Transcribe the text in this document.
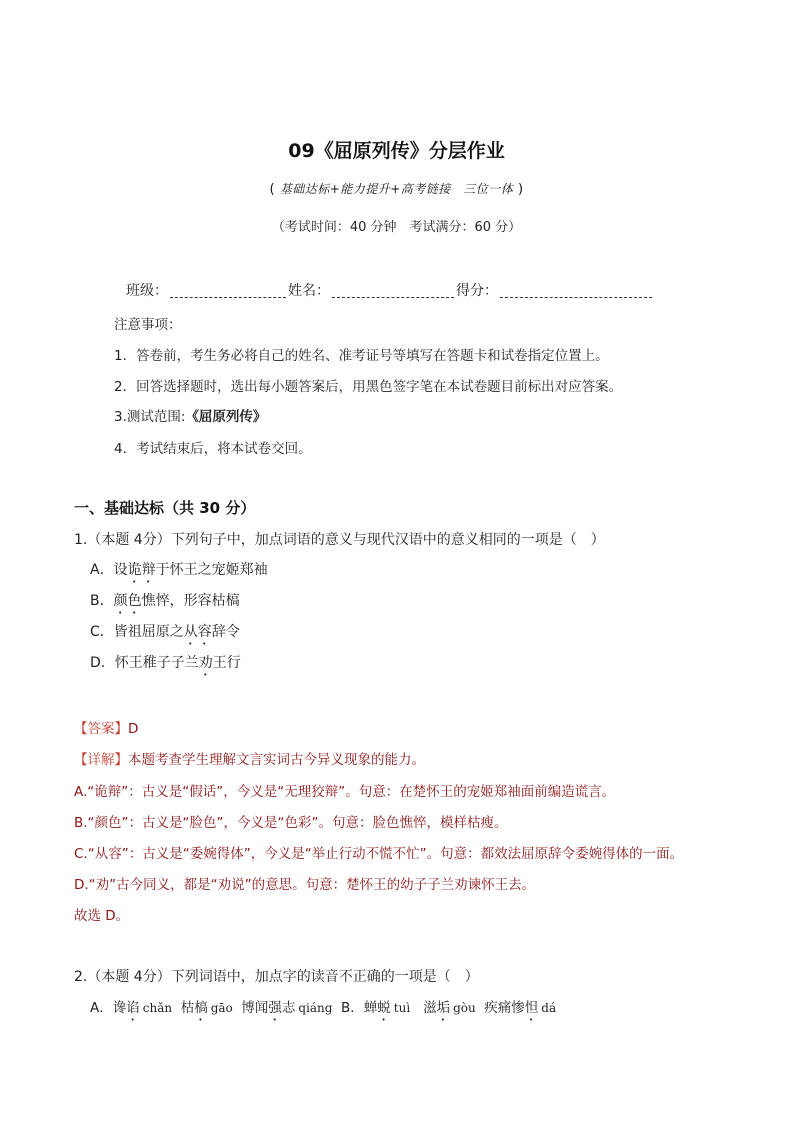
09《屈原列传》分层作业
( 基础达标+能力提升+高考链接　三位一体 )
（考试时间：40 分钟　考试满分：60 分）
班级：	姓名：	得分：
注意事项：
1．答卷前，考生务必将自己的姓名、准考证号等填写在答题卡和试卷指定位置上。
2．回答选择题时，选出每小题答案后，用黑色签字笔在本试卷题目前标出对应答案。
3.测试范围:《屈原列传》
4．考试结束后，将本试卷交回。
一、基础达标（共 30 分）
1.（本题 4分）下列句子中，加点词语的意义与现代汉语中的意义相同的一项是（　）
A．设诡辩于怀王之宠姬郑袖
B．颜色憔悴，形容枯槁
C．皆祖屈原之从容辞令
D．怀王稚子子兰劝王行
【答案】D
【详解】本题考查学生理解文言实词古今异义现象的能力。
A.“诡辩”：古义是“假话”，今义是“无理狡辩”。句意：在楚怀王的宠姬郑袖面前编造谎言。
B.“颜色”：古义是“脸色”，今义是“色彩”。句意：脸色憔悴，模样枯瘦。
C.“从容”：古义是“委婉得体”，今义是“举止行动不慌不忙”。句意：都效法屈原辞令委婉得体的一面。
D.“劝”古今同义，都是“劝说”的意思。句意：楚怀王的幼子子兰劝谏怀王去。
故选 D。
2.（本题 4分）下列词语中，加点字的读音不正确的一项是（　）
A．谗谄 chǎn 枯槁 gāo 博闻强志 qiáng B．蝉蜕 tuì 滋垢 gòu 疾痛惨怛 dá
